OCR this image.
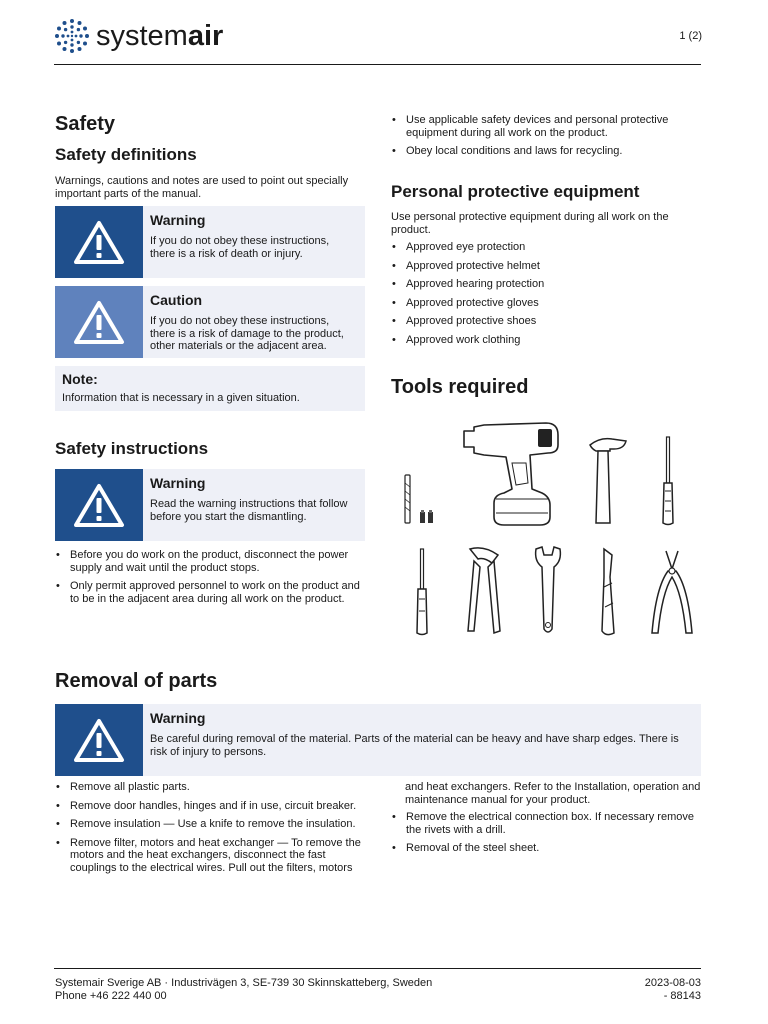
systemair	1 (2)
Safety
Safety definitions
Warnings, cautions and notes are used to point out specially important parts of the manual.
Warning
If you do not obey these instructions, there is a risk of death or injury.
Caution
If you do not obey these instructions, there is a risk of damage to the product, other materials or the adjacent area.
Note:
Information that is necessary in a given situation.
Safety instructions
Warning
Read the warning instructions that follow before you start the dismantling.
• Before you do work on the product, disconnect the power supply and wait until the product stops.
• Only permit approved personnel to work on the product and to be in the adjacent area during all work on the product.
• Use applicable safety devices and personal protective equipment during all work on the product.
• Obey local conditions and laws for recycling.
Personal protective equipment
Use personal protective equipment during all work on the product.
• Approved eye protection
• Approved protective helmet
• Approved hearing protection
• Approved protective gloves
• Approved protective shoes
• Approved work clothing
Tools required
Removal of parts
Warning
Be careful during removal of the material. Parts of the material can be heavy and have sharp edges. There is risk of injury to persons.
• Remove all plastic parts.
• Remove door handles, hinges and if in use, circuit breaker.
• Remove insulation — Use a knife to remove the insulation.
• Remove filter, motors and heat exchanger — To remove the motors and the heat exchangers, disconnect the fast couplings to the electrical wires. Pull out the filters, motors
and heat exchangers. Refer to the Installation, operation and maintenance manual for your product.
• Remove the electrical connection box. If necessary remove the rivets with a drill.
• Removal of the steel sheet.
Systemair Sverige AB · Industrivägen 3, SE-739 30 Skinnskatteberg, Sweden
Phone +46 222 440 00
2023-08-03
- 88143
